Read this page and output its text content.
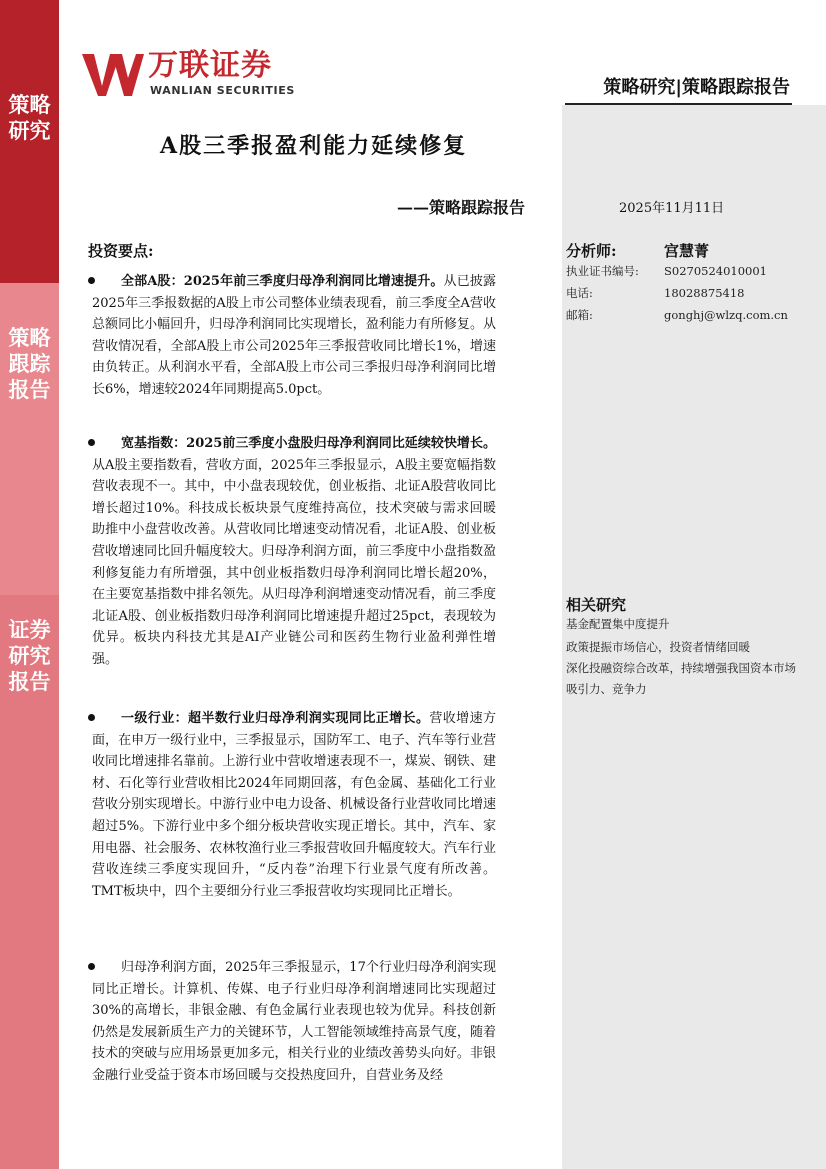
策略研究
策略跟踪报告
证券研究报告
万联证券
WANLIAN SECURITIES	策略研究|策略跟踪报告
A股三季报盈利能力延续修复
——策略跟踪报告	2025年11月11日
投资要点:
全部A股：2025年前三季度归母净利润同比增速提升。从已披露2025年三季报数据的A股上市公司整体业绩表现看，前三季度全A营收总额同比小幅回升，归母净利润同比实现增长，盈利能力有所修复。从营收情况看，全部A股上市公司2025年三季报营收同比增长1%，增速由负转正。从利润水平看，全部A股上市公司三季报归母净利润同比增长6%，增速较2024年同期提高5.0pct。
宽基指数：2025前三季度小盘股归母净利润同比延续较快增长。从A股主要指数看，营收方面，2025年三季报显示，A股主要宽幅指数营收表现不一。其中，中小盘表现较优，创业板指、北证A股营收同比增长超过10%。科技成长板块景气度维持高位，技术突破与需求回暖助推中小盘营收改善。从营收同比增速变动情况看，北证A股、创业板营收增速同比回升幅度较大。归母净利润方面，前三季度中小盘指数盈利修复能力有所增强，其中创业板指数归母净利润同比增长超20%，在主要宽基指数中排名领先。从归母净利润增速变动情况看，前三季度北证A股、创业板指数归母净利润同比增速提升超过25pct，表现较为优异。板块内科技尤其是AI产业链公司和医药生物行业盈利弹性增强。
一级行业：超半数行业归母净利润实现同比正增长。营收增速方面，在申万一级行业中，三季报显示，国防军工、电子、汽车等行业营收同比增速排名靠前。上游行业中营收增速表现不一，煤炭、钢铁、建材、石化等行业营收相比2024年同期回落，有色金属、基础化工行业营收分别实现增长。中游行业中电力设备、机械设备行业营收同比增速超过5%。下游行业中多个细分板块营收实现正增长。其中，汽车、家用电器、社会服务、农林牧渔行业三季报营收回升幅度较大。汽车行业营收连续三季度实现回升，“反内卷”治理下行业景气度有所改善。TMT板块中，四个主要细分行业三季报营收均实现同比正增长。
归母净利润方面，2025年三季报显示，17个行业归母净利润实现同比正增长。计算机、传媒、电子行业归母净利润增速同比实现超过30%的高增长，非银金融、有色金属行业表现也较为优异。科技创新仍然是发展新质生产力的关键环节，人工智能领域维持高景气度，随着技术的突破与应用场景更加多元，相关行业的业绩改善势头向好。非银金融行业受益于资本市场回暖与交投热度回升，自营业务及经
分析师:	宫慧菁
执业证书编号: S0270524010001
电话:	18028875418
邮箱:	gonghj@wlzq.com.cn
相关研究
基金配置集中度提升
政策提振市场信心，投资者情绪回暖
深化投融资综合改革，持续增强我国资本市场吸引力、竞争力
